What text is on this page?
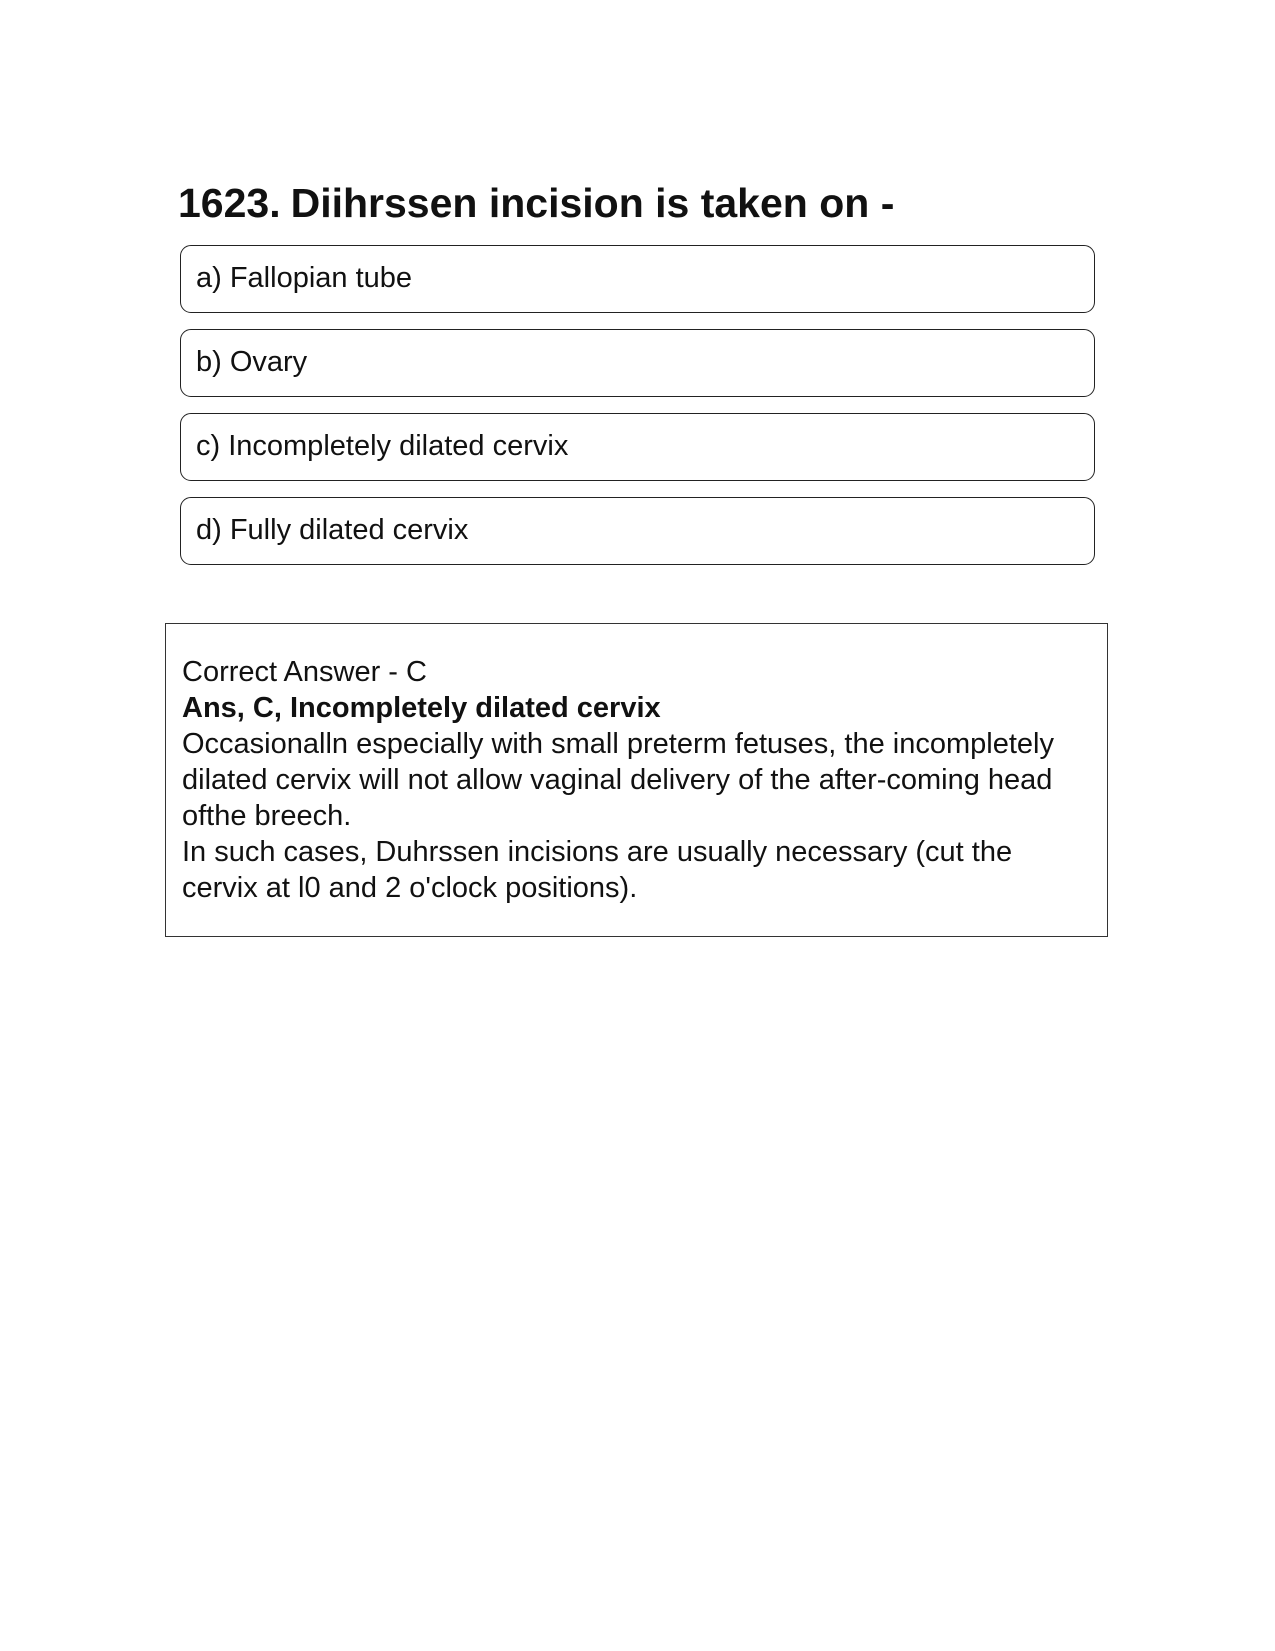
1623. Diihrssen incision is taken on -
a) Fallopian tube
b) Ovary
c) Incompletely dilated cervix
d) Fully dilated cervix

Correct Answer - C

Ans, C, Incompletely dilated cervix

Occasionalln especially with small preterm fetuses, the incompletely dilated cervix will not allow vaginal delivery of the after-coming head ofthe breech.

In such cases, Duhrssen incisions are usually necessary (cut the cervix at l0 and 2 o'clock positions).
